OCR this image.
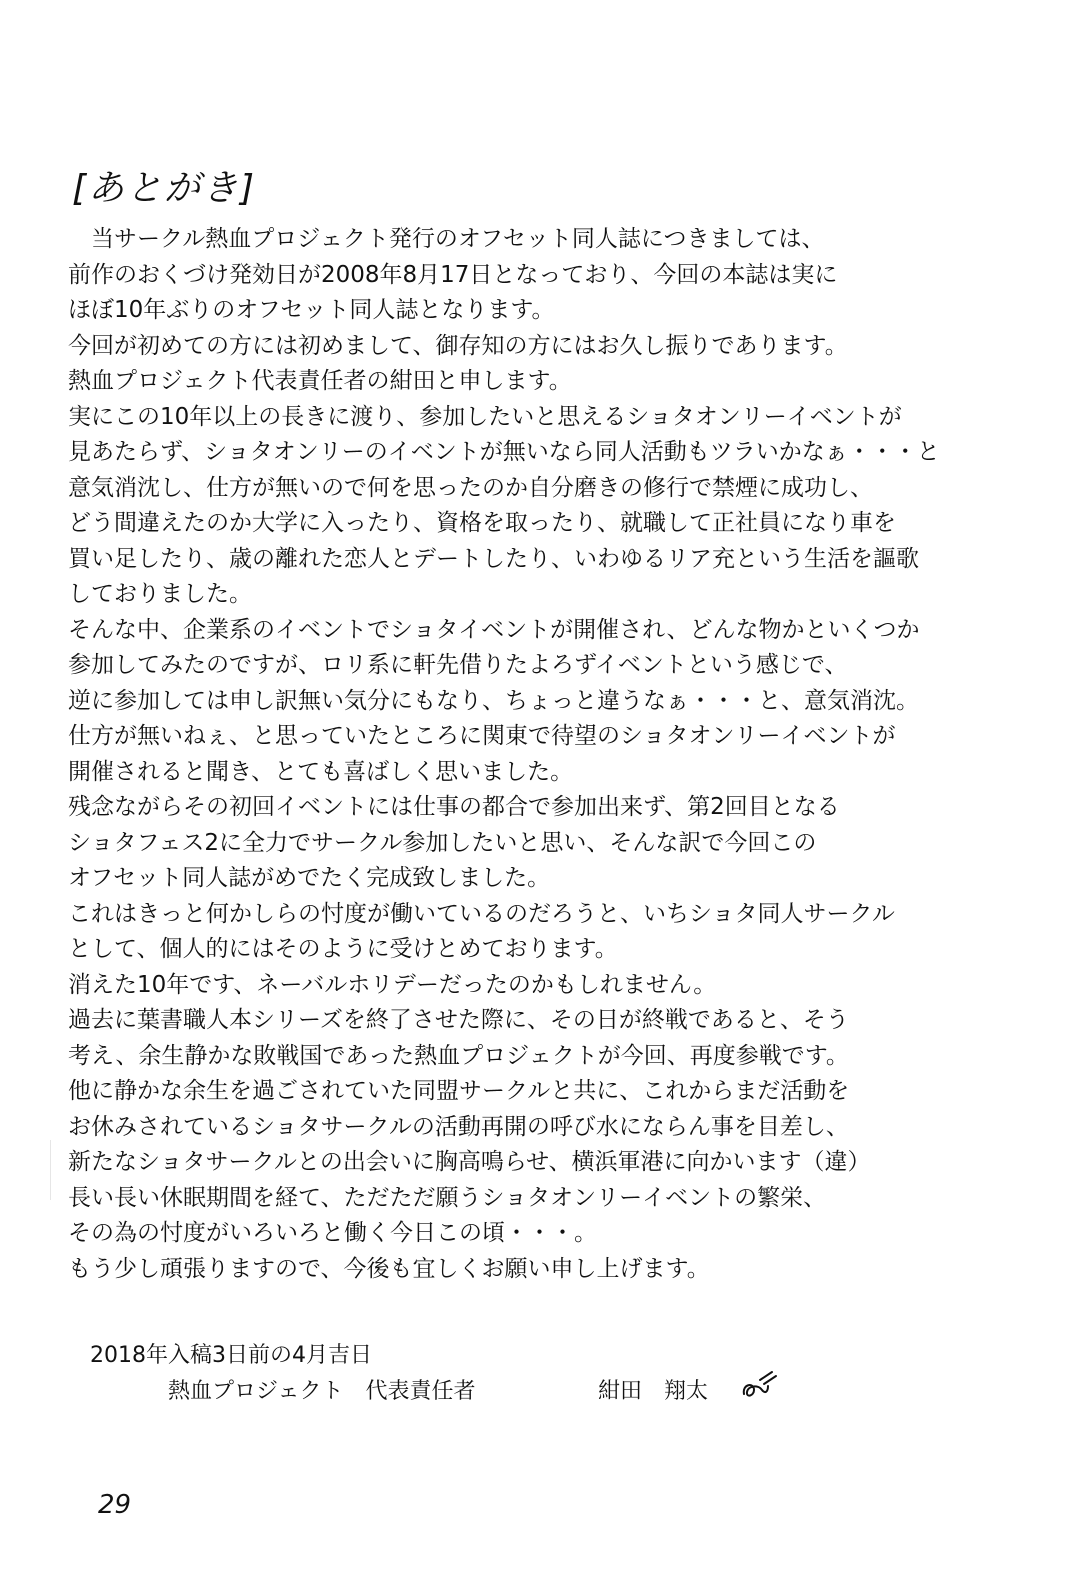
[あとがき]
　当サークル熱血プロジェクト発行のオフセット同人誌につきましては、
前作のおくづけ発効日が2008年8月17日となっており、今回の本誌は実に
ほぼ10年ぶりのオフセット同人誌となります。
今回が初めての方には初めまして、御存知の方にはお久し振りであります。
熱血プロジェクト代表責任者の紺田と申します。
実にこの10年以上の長きに渡り、参加したいと思えるショタオンリーイベントが
見あたらず、ショタオンリーのイベントが無いなら同人活動もツラいかなぁ・・・と
意気消沈し、仕方が無いので何を思ったのか自分磨きの修行で禁煙に成功し、
どう間違えたのか大学に入ったり、資格を取ったり、就職して正社員になり車を
買い足したり、歳の離れた恋人とデートしたり、いわゆるリア充という生活を謳歌
しておりました。
そんな中、企業系のイベントでショタイベントが開催され、どんな物かといくつか
参加してみたのですが、ロリ系に軒先借りたよろずイベントという感じで、
逆に参加しては申し訳無い気分にもなり、ちょっと違うなぁ・・・と、意気消沈。
仕方が無いねぇ、と思っていたところに関東で待望のショタオンリーイベントが
開催されると聞き、とても喜ばしく思いました。
残念ながらその初回イベントには仕事の都合で参加出来ず、第2回目となる
ショタフェス2に全力でサークル参加したいと思い、そんな訳で今回この
オフセット同人誌がめでたく完成致しました。
これはきっと何かしらの忖度が働いているのだろうと、いちショタ同人サークル
として、個人的にはそのように受けとめております。
消えた10年です、ネーバルホリデーだったのかもしれません。
過去に葉書職人本シリーズを終了させた際に、その日が終戦であると、そう
考え、余生静かな敗戦国であった熱血プロジェクトが今回、再度参戦です。
他に静かな余生を過ごされていた同盟サークルと共に、これからまだ活動を
お休みされているショタサークルの活動再開の呼び水にならん事を目差し、
新たなショタサークルとの出会いに胸高鳴らせ、横浜軍港に向かいます（違）
長い長い休眠期間を経て、ただただ願うショタオンリーイベントの繁栄、
その為の忖度がいろいろと働く今日この頃・・・。
もう少し頑張りますので、今後も宜しくお願い申し上げます。
2018年入稿3日前の4月吉日
熱血プロジェクト　代表責任者	紺田　翔太
29
